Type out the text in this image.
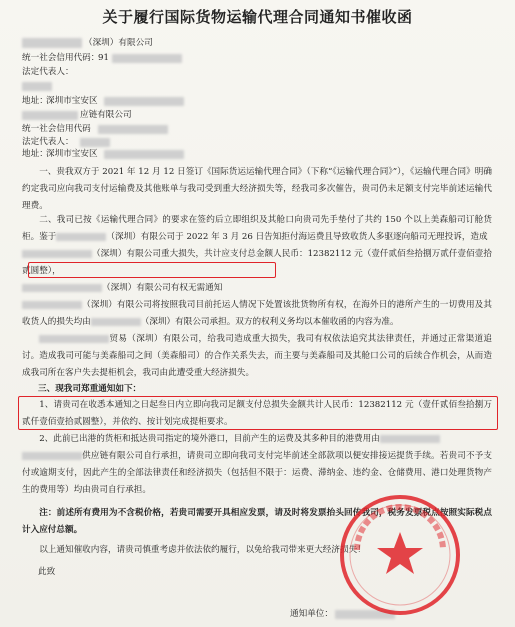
关于履行国际货物运输代理合同通知书催收函
（深圳）有限公司
统一社会信用代码：
91
法定代表人：
地址：
深圳市宝安区
应链有限公司
统一社会信用代码
法定代表人：
地址：
深圳市宝安区
一、贵我双方于 2021 年 12 月 12 日签订《国际货运运输代理合同》（下称“《运输代理合同》”），《运输代理合同》明确约定我司应向我司支付运输费及其他账单与我司受到重大经济损失等，经我司多次催告，贵司仍未足额支付完毕前述运输代理费。
二、我司已按《运输代理合同》的要求在签约后立即组织及其舱口向贵司先手垫付了共约 150 个以上美森船司订舱货柜。鉴于	（深圳）有限公司于 2022 年 3 月 26 日告知拒付海运费且导致收货人多驱逐向船司无理投诉，造成
（深圳）有限公司重大损失，共计应支付总金额人民币：12382112 元（壹仟贰佰叁拾捌万贰仟壹佰壹拾贰圆整），
（深圳）有限公司有权无需通知
（深圳）有限公司将按照我司目前托运人情况下处置该批货物所有权，在海外日的港所产生的一切费用及其收货人的损失均由	（深圳）有限公司承担。双方的权利义务均以本催收函的内容为准。
贸易（深圳）有限公司，给我司造成重大损失，我司有权依法追究其法律责任，并通过正常渠道追讨。 造成我司可能与美森船司之间（美森船司）的合作关系失去，而主要与美森船司及其舱口公司的后续合作机会，从而造成我司所在客户失去提柜机会，我司由此遭受重大经济损失。
三、现我司郑重通知如下：
1、请贵司在收悉本通知之日起叁日内立即向我司足额支付总损失金额共计人民币：12382112 元（壹仟贰佰叁拾捌万贰仟壹佰壹拾贰圆整），并依约、按计划完成提柜要求。
2、此前已出港的货柜和抵达贵司指定的境外港口，目前产生的运费及其多种目的港费用由
供应链有限公司自行承担，请贵司立即向我司支付完毕前述全部款项以便安排接运提货手续。若贵司不予支付或逾期支付，因此产生的全部法律责任和经济损失（包括但不限于：运费、滞纳金、违约金、仓储费用、港口处理货物产生的费用等）均由贵司自行承担。
注：前述所有费用为不含税价格，若贵司需要开具相应发票，请及时将发票抬头回传我司，税务发票税点按照实际税点计入应付总额。
以上通知催收内容，请贵司慎重考虑并依法依约履行，以免给我司带来更大经济损失！
此致
通知单位：
